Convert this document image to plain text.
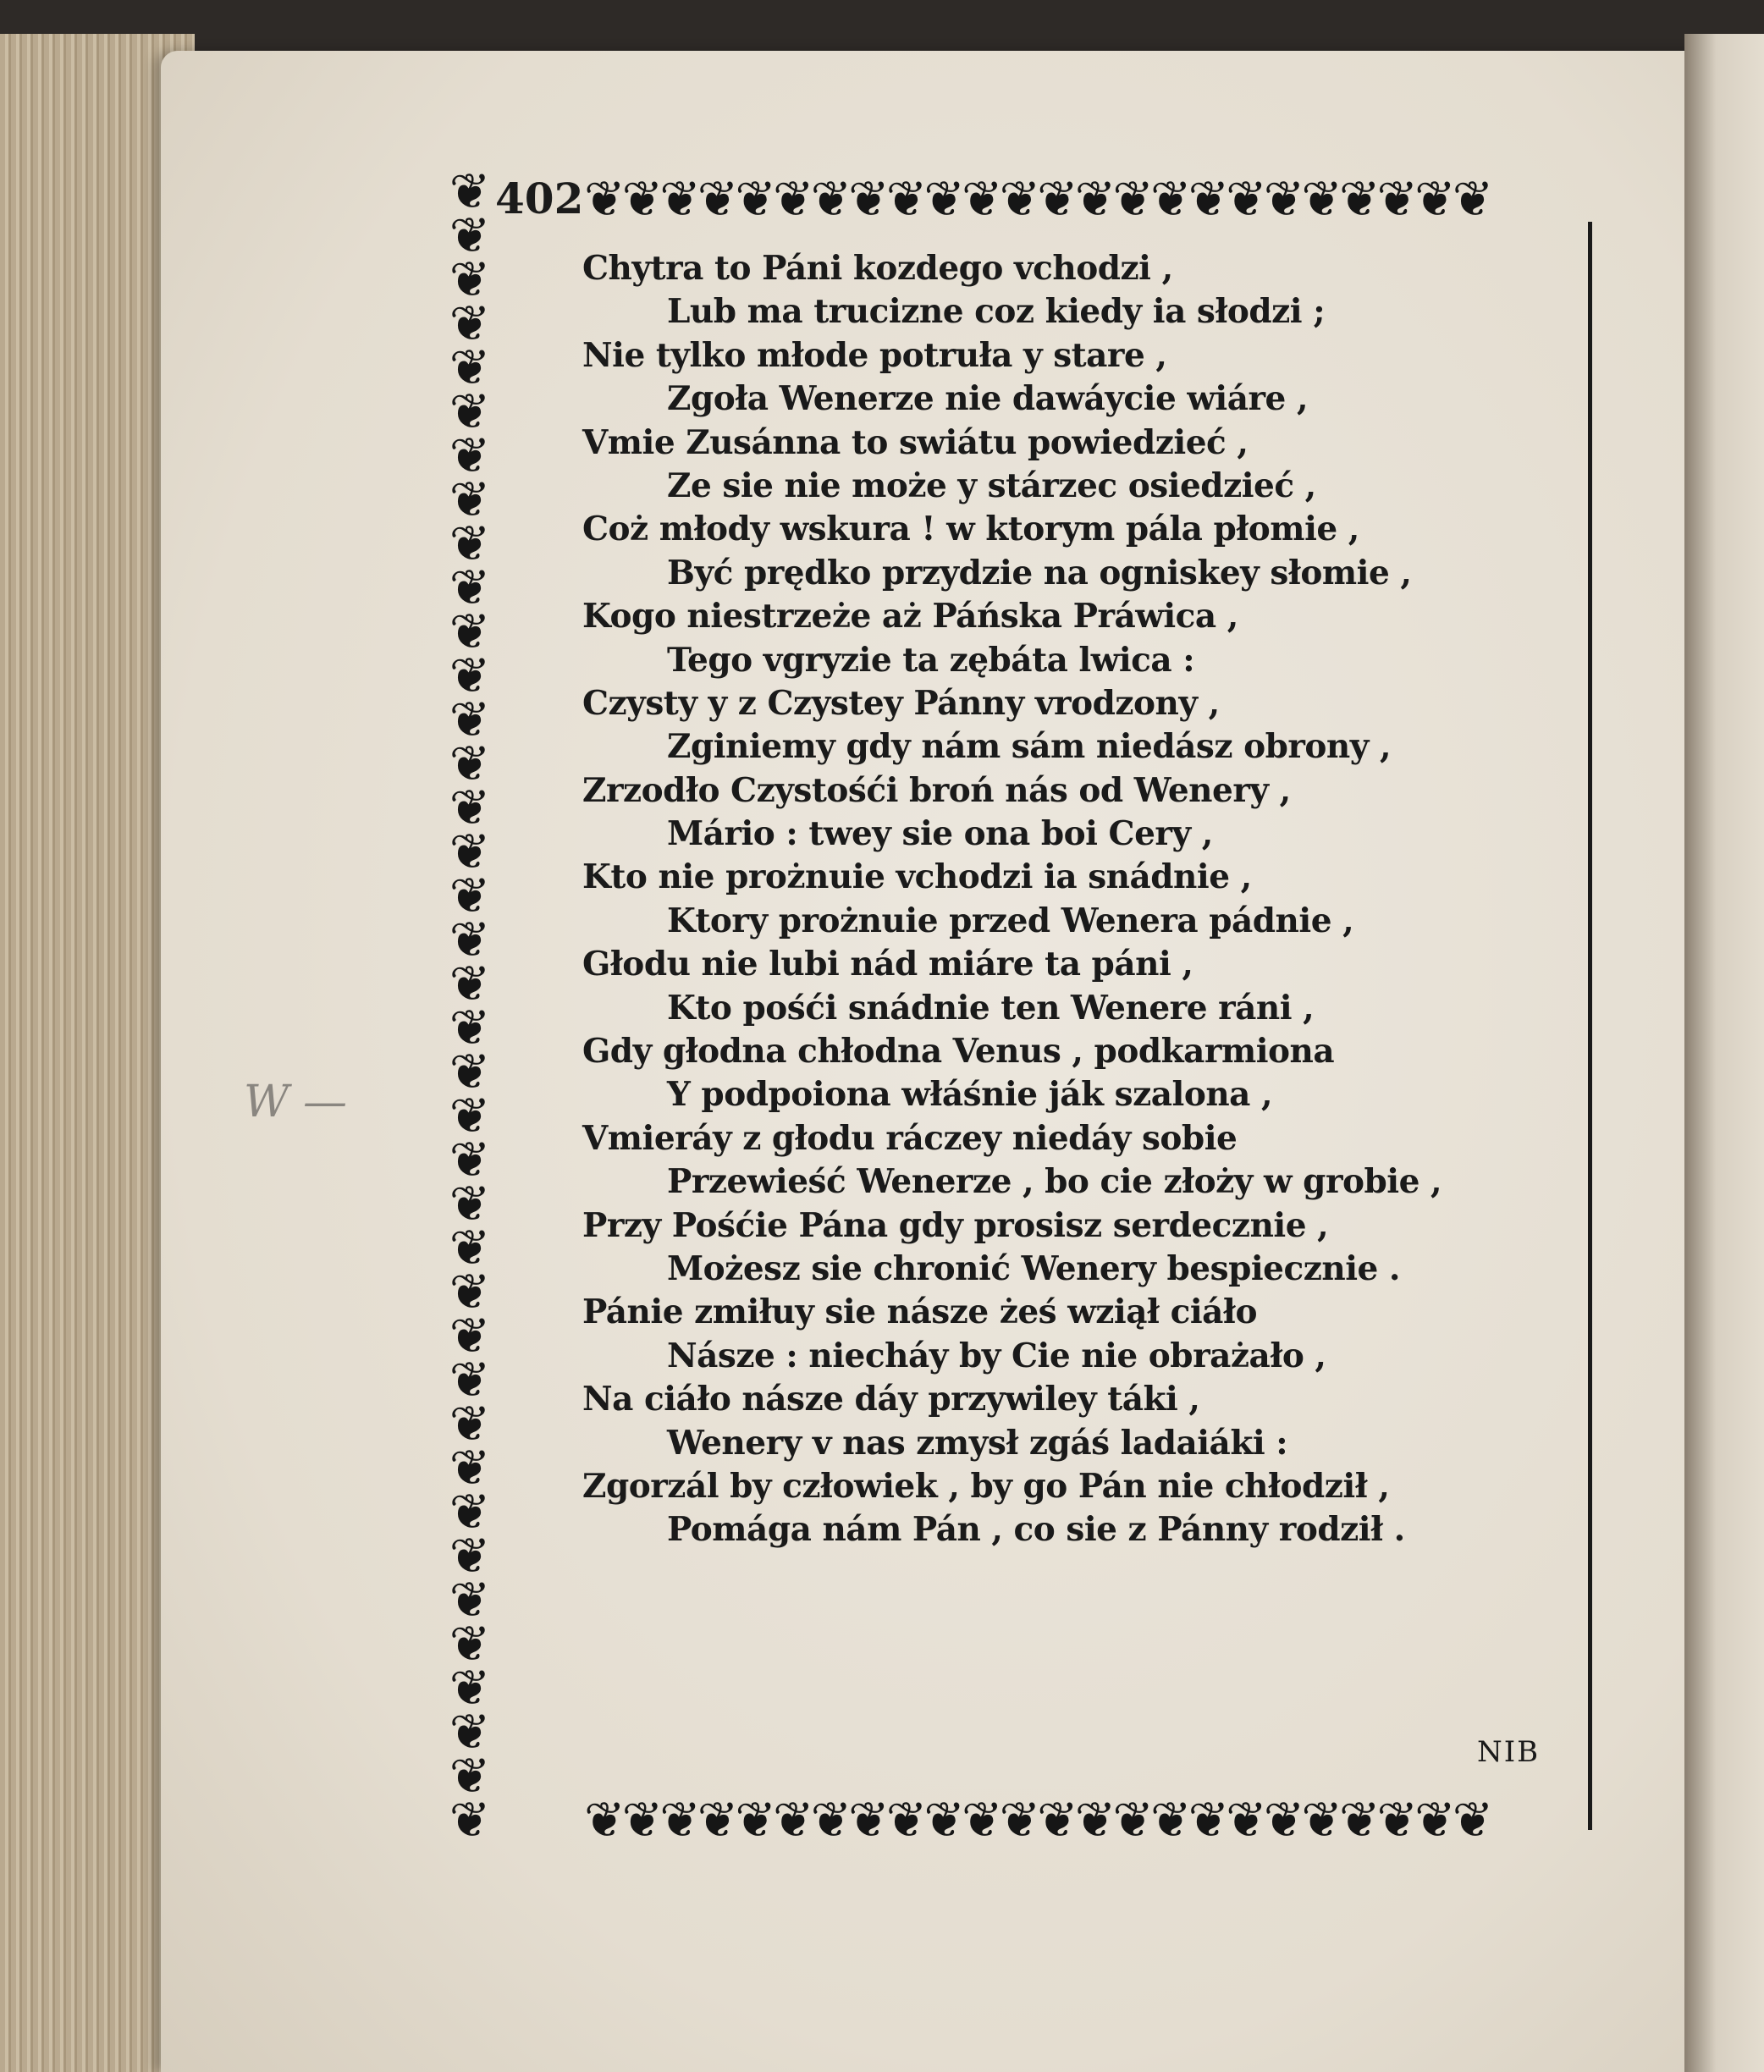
402 ❦❦❦❦❦❦❦❦❦❦❦❦❦❦❦❦❦❦❦❦❦❦❦❦
❦❦❦❦❦❦❦❦❦❦❦❦❦❦❦❦❦❦❦❦❦❦❦❦
❦❦❦❦❦❦❦❦❦❦❦❦❦❦❦❦❦❦❦❦❦❦❦❦❦❦❦❦❦❦❦❦❦❦❦❦❦❦
Chytra to Páni kozdego vchodzi ,
Lub ma trucizne coz kiedy ia słodzi ;
Nie tylko młode potruła y stare ,
Zgoła Wenerze nie dawáycie wiáre ,
Vmie Zusánna to swiátu powiedzieć ,
Ze sie nie może y stárzec osiedzieć ,
Coż młody wskura ! w ktorym pála płomie ,
Być prędko przydzie na ogniskey słomie ,
Kogo niestrzeże aż Páńska Práwica ,
Tego vgryzie ta zębáta lwica :
Czysty y z Czystey Pánny vrodzony ,
Zginiemy gdy nám sám niedász obrony ,
Zrzodło Czystośći broń nás od Wenery ,
Mário : twey sie ona boi Cery ,
Kto nie prożnuie vchodzi ia snádnie ,
Ktory prożnuie przed Wenera pádnie ,
Głodu nie lubi nád miáre ta páni ,
Kto pośći snádnie ten Wenere ráni ,
Gdy głodna chłodna Venus , podkarmiona
Y podpoiona włáśnie ják szalona ,
Vmieráy z głodu ráczey niedáy sobie
Przewieść Wenerze , bo cie złoży w grobie ,
Przy Pośćie Pána gdy prosisz serdecznie ,
Możesz sie chronić Wenery bespiecznie .
Pánie zmiłuy sie násze żeś wziął ciáło
Násze : niecháy by Cie nie obrażało ,
Na ciáło násze dáy przywiley táki ,
Wenery v nas zmysł zgáś ladaiáki :
Zgorzál by człowiek , by go Pán nie chłodził ,
Pomága nám Pán , co sie z Pánny rodził .
NIB
W —
